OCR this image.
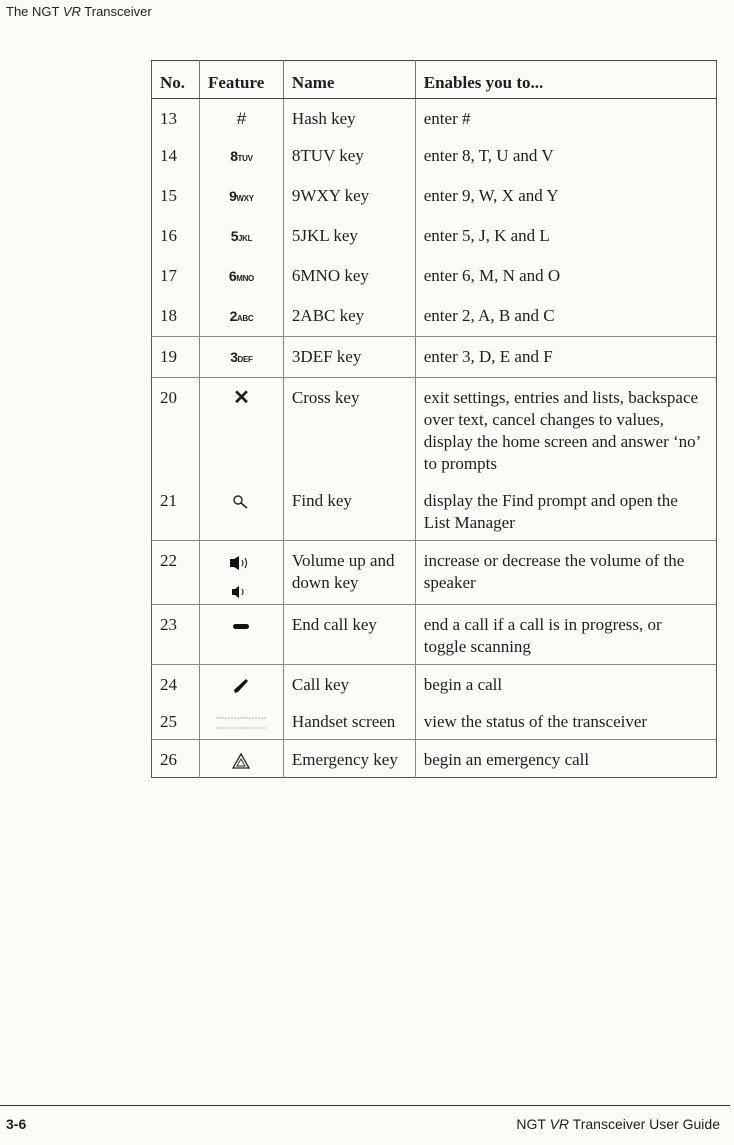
The NGT VR Transceiver
No.	Feature	Name	Enables you to...
13	#	Hash key	enter #
14	8TUV	8TUV key	enter 8, T, U and V
15	9WXY	9WXY key	enter 9, W, X and Y
16	5JKL	5JKL key	enter 5, J, K and L
17	6MNO	6MNO key	enter 6, M, N and O
18	2ABC	2ABC key	enter 2, A, B and C
19	3DEF	3DEF key	enter 3, D, E and F
20	✕	Cross key	exit settings, entries and lists, backspace over text, cancel changes to values, display the home screen and answer ‘no’ to prompts
21		Find key	display the Find prompt and open the List Manager
22		Volume up and down key	increase or decrease the volume of the speaker
23		End call key	end a call if a call is in progress, or toggle scanning
24		Call key	begin a call
25		Handset screen	view the status of the transceiver
26		Emergency key	begin an emergency call
3-6	NGT VR Transceiver User Guide
